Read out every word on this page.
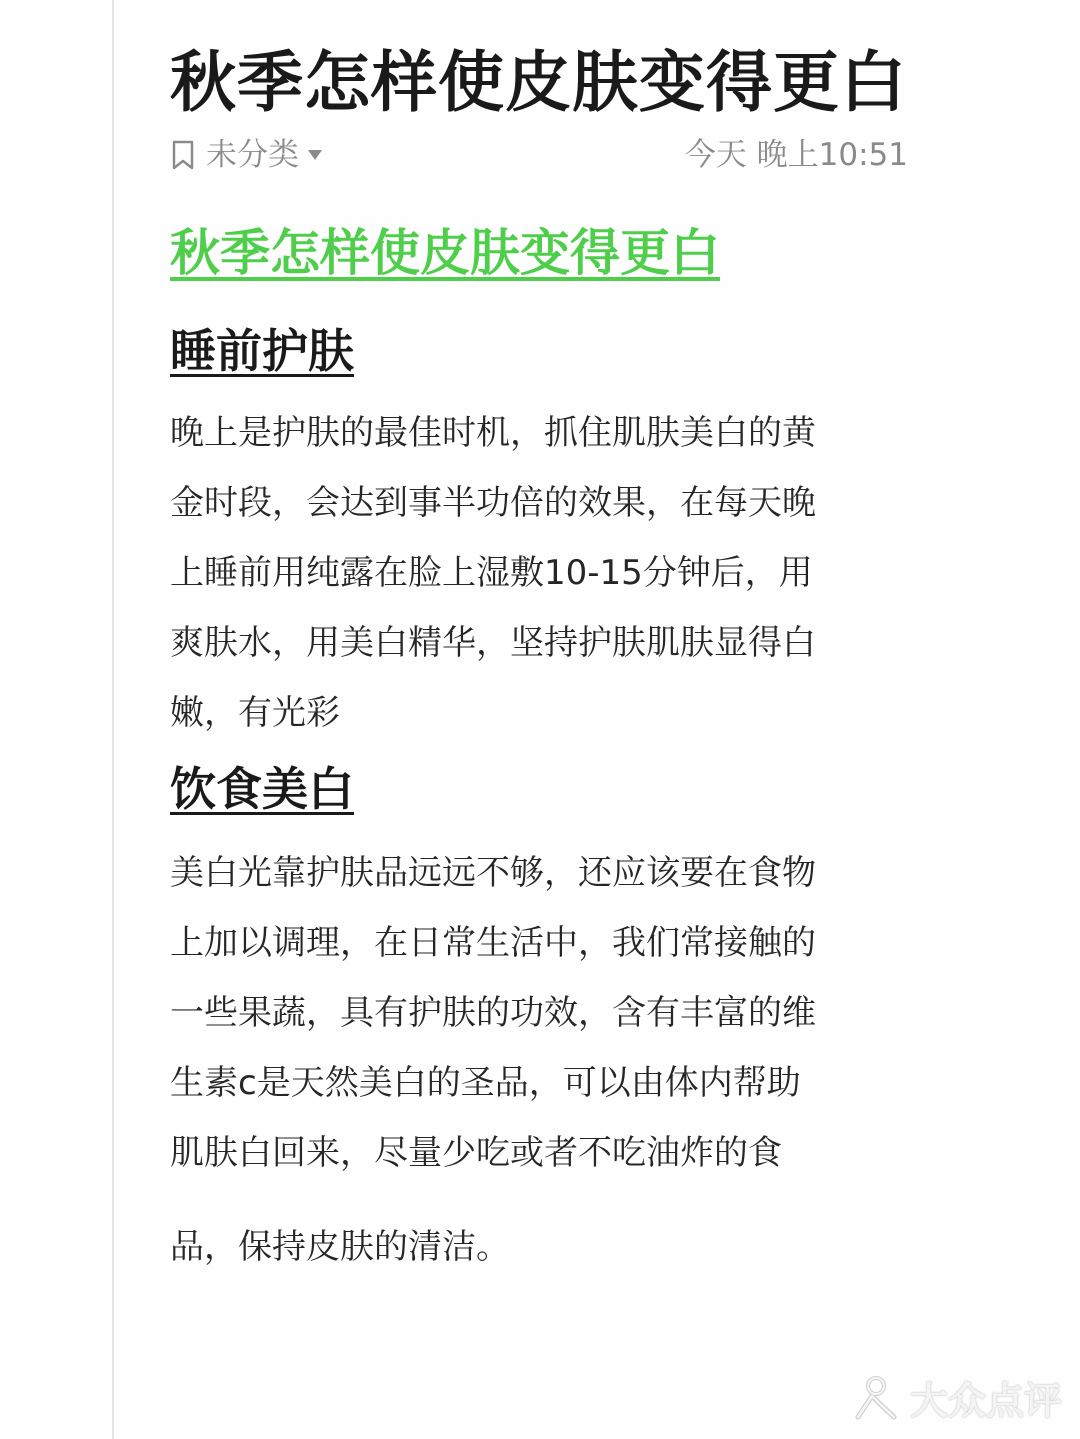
秋季怎样使皮肤变得更白
未分类	今天 晚上10:51
秋季怎样使皮肤变得更白
睡前护肤
晚上是护肤的最佳时机，抓住肌肤美白的黄
金时段，会达到事半功倍的效果，在每天晚
上睡前用纯露在脸上湿敷10-15分钟后，用
爽肤水，用美白精华，坚持护肤肌肤显得白
嫩，有光彩
饮食美白
美白光靠护肤品远远不够，还应该要在食物
上加以调理，在日常生活中，我们常接触的
一些果蔬，具有护肤的功效，含有丰富的维
生素c是天然美白的圣品，可以由体内帮助
肌肤白回来，尽量少吃或者不吃油炸的食
品，保持皮肤的清洁。
大众点评
